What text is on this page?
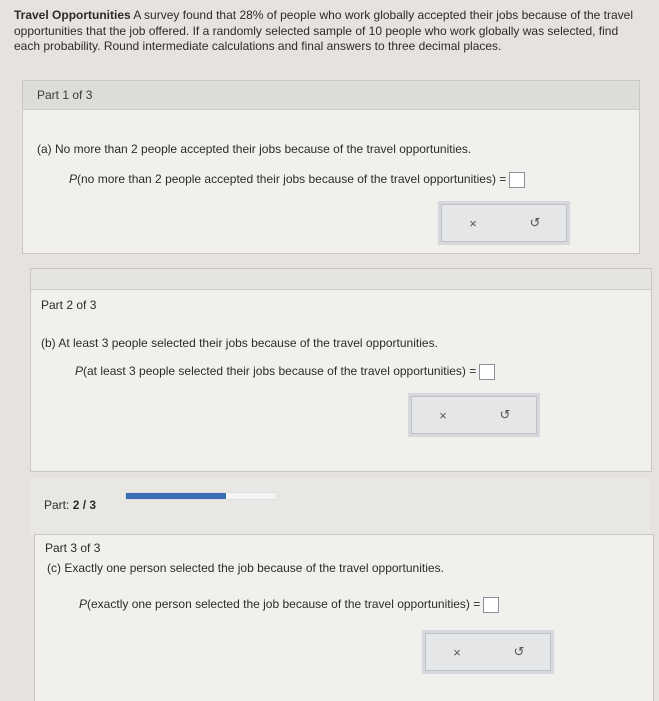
Travel Opportunities A survey found that 28% of people who work globally accepted their jobs because of the travel opportunities that the job offered. If a randomly selected sample of 10 people who work globally was selected, find each probability. Round intermediate calculations and final answers to three decimal places.
Part 1 of 3
(a) No more than 2 people accepted their jobs because of the travel opportunities.
P(no more than 2 people accepted their jobs because of the travel opportunities) =
×	↺
Part 2 of 3
(b) At least 3 people selected their jobs because of the travel opportunities.
P(at least 3 people selected their jobs because of the travel opportunities) =
×	↺
Part: 2 / 3
Part 3 of 3
(c) Exactly one person selected the job because of the travel opportunities.
P(exactly one person selected the job because of the travel opportunities) =
×	↺
